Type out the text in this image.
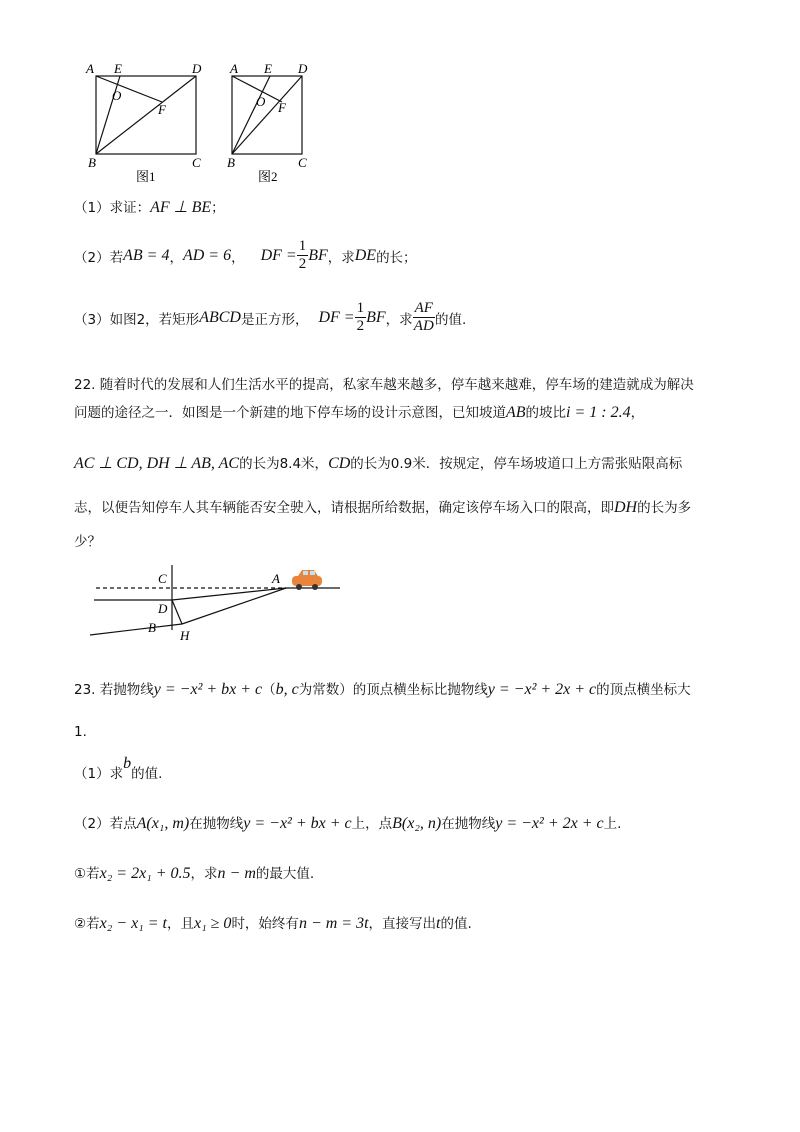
A E	D
O
F
B	C
图1
A E D
O F
B	C
图2
（1）求证：AF ⊥ BE；
（2） 若 AB = 4 ， AD = 6 ， DF = $\frac{1}{2}$ BF ，求 DE 的长；
（3） 如图2，若矩形 ABCD 是正方形， DF = $\frac{1}{2}$ BF ，求 $\frac{AF}{AD}$ 的值.
22. 随着时代的发展和人们生活水平的提高，私家车越来越多，停车越来越难，停车场的建造就成为解决
问题的途径之一．如图是一个新建的地下停车场的设计示意图，已知坡道AB的坡比i = 1 : 2.4，
AC ⊥ CD, DH ⊥ AB, AC的长为8.4米，CD的长为0.9米．按规定，停车场坡道口上方需张贴限高标
志，以便告知停车人其车辆能否安全驶入，请根据所给数据，确定该停车场入口的限高，即DH的长为多
少？
C	A
D
B
H
23. 若抛物线y = −x² + bx + c（b, c为常数）的顶点横坐标比抛物线y = −x² + 2x + c的顶点横坐标大
1.
（1）求b的值.
（2）若点A(x₁, m)在抛物线y = −x² + bx + c上，点B(x₂, n)在抛物线y = −x² + 2x + c上.
①若x₂ = 2x₁ + 0.5，求n − m的最大值.
②若x₂ − x₁ = t，且x₁ ≥ 0时，始终有n − m = 3t，直接写出t的值.
